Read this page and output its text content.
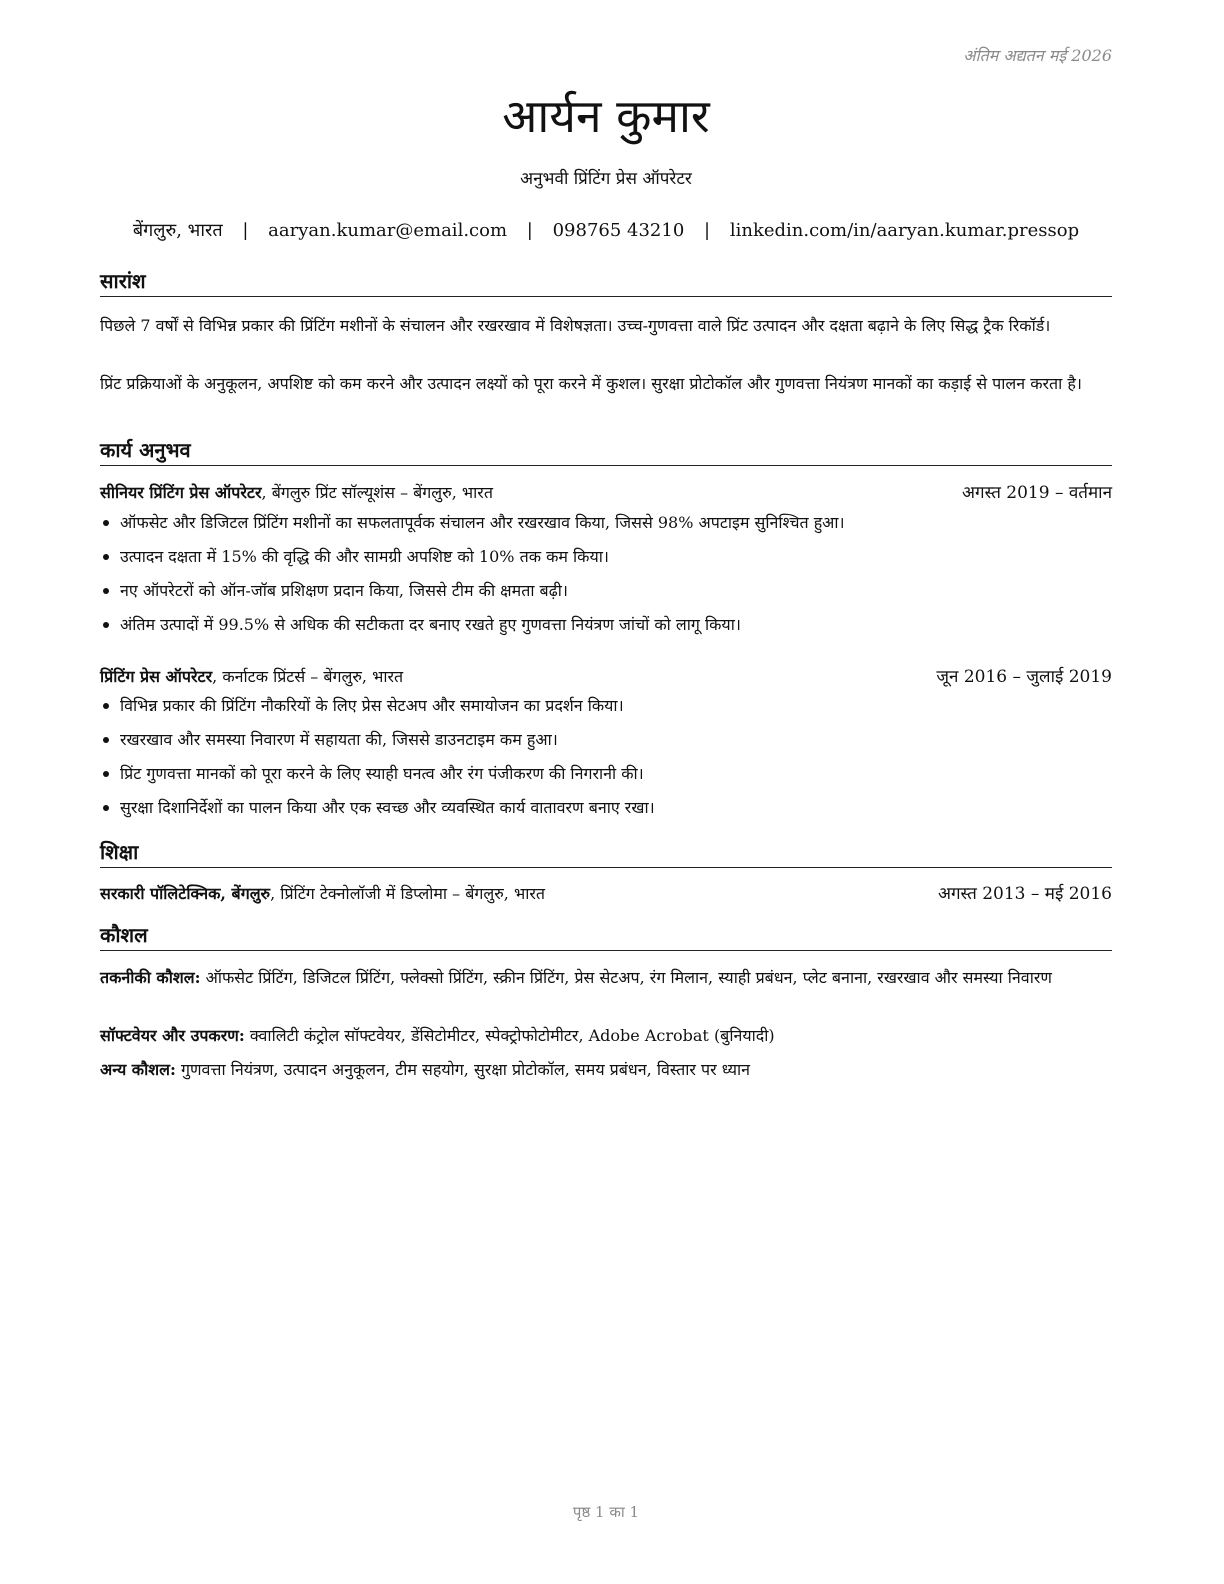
अंतिम अद्यतन मई 2026
आर्यन कुमार

अनुभवी प्रिंटिंग प्रेस ऑपरेटर

बेंगलुरु, भारत | aaryan.kumar@email.com | 098765 43210 | linkedin.com/in/aaryan.kumar.pressop
सारांश

पिछले 7 वर्षों से विभिन्न प्रकार की प्रिंटिंग मशीनों के संचालन और रखरखाव में विशेषज्ञता। उच्च-गुणवत्ता वाले प्रिंट उत्पादन और दक्षता बढ़ाने के लिए सिद्ध ट्रैक रिकॉर्ड।

प्रिंट प्रक्रियाओं के अनुकूलन, अपशिष्ट को कम करने और उत्पादन लक्ष्यों को पूरा करने में कुशल। सुरक्षा प्रोटोकॉल और गुणवत्ता नियंत्रण मानकों का कड़ाई से पालन करता है।

कार्य अनुभव
सीनियर प्रिंटिंग प्रेस ऑपरेटर, बेंगलुरु प्रिंट सॉल्यूशंस – बेंगलुरु, भारत	अगस्त 2019 – वर्तमान
ऑफसेट और डिजिटल प्रिंटिंग मशीनों का सफलतापूर्वक संचालन और रखरखाव किया, जिससे 98% अपटाइम सुनिश्चित हुआ।
उत्पादन दक्षता में 15% की वृद्धि की और सामग्री अपशिष्ट को 10% तक कम किया।
नए ऑपरेटरों को ऑन-जॉब प्रशिक्षण प्रदान किया, जिससे टीम की क्षमता बढ़ी।
अंतिम उत्पादों में 99.5% से अधिक की सटीकता दर बनाए रखते हुए गुणवत्ता नियंत्रण जांचों को लागू किया।
प्रिंटिंग प्रेस ऑपरेटर, कर्नाटक प्रिंटर्स – बेंगलुरु, भारत	जून 2016 – जुलाई 2019
विभिन्न प्रकार की प्रिंटिंग नौकरियों के लिए प्रेस सेटअप और समायोजन का प्रदर्शन किया।
रखरखाव और समस्या निवारण में सहायता की, जिससे डाउनटाइम कम हुआ।
प्रिंट गुणवत्ता मानकों को पूरा करने के लिए स्याही घनत्व और रंग पंजीकरण की निगरानी की।
सुरक्षा दिशानिर्देशों का पालन किया और एक स्वच्छ और व्यवस्थित कार्य वातावरण बनाए रखा।
शिक्षा
सरकारी पॉलिटेक्निक, बेंगलुरु, प्रिंटिंग टेक्नोलॉजी में डिप्लोमा – बेंगलुरु, भारत	अगस्त 2013 – मई 2016
कौशल

तकनीकी कौशल: ऑफसेट प्रिंटिंग, डिजिटल प्रिंटिंग, फ्लेक्सो प्रिंटिंग, स्क्रीन प्रिंटिंग, प्रेस सेटअप, रंग मिलान, स्याही प्रबंधन, प्लेट बनाना, रखरखाव और समस्या निवारण

सॉफ्टवेयर और उपकरण: क्वालिटी कंट्रोल सॉफ्टवेयर, डेंसिटोमीटर, स्पेक्ट्रोफोटोमीटर, Adobe Acrobat (बुनियादी)

अन्य कौशल: गुणवत्ता नियंत्रण, उत्पादन अनुकूलन, टीम सहयोग, सुरक्षा प्रोटोकॉल, समय प्रबंधन, विस्तार पर ध्यान

पृष्ठ 1 का 1
